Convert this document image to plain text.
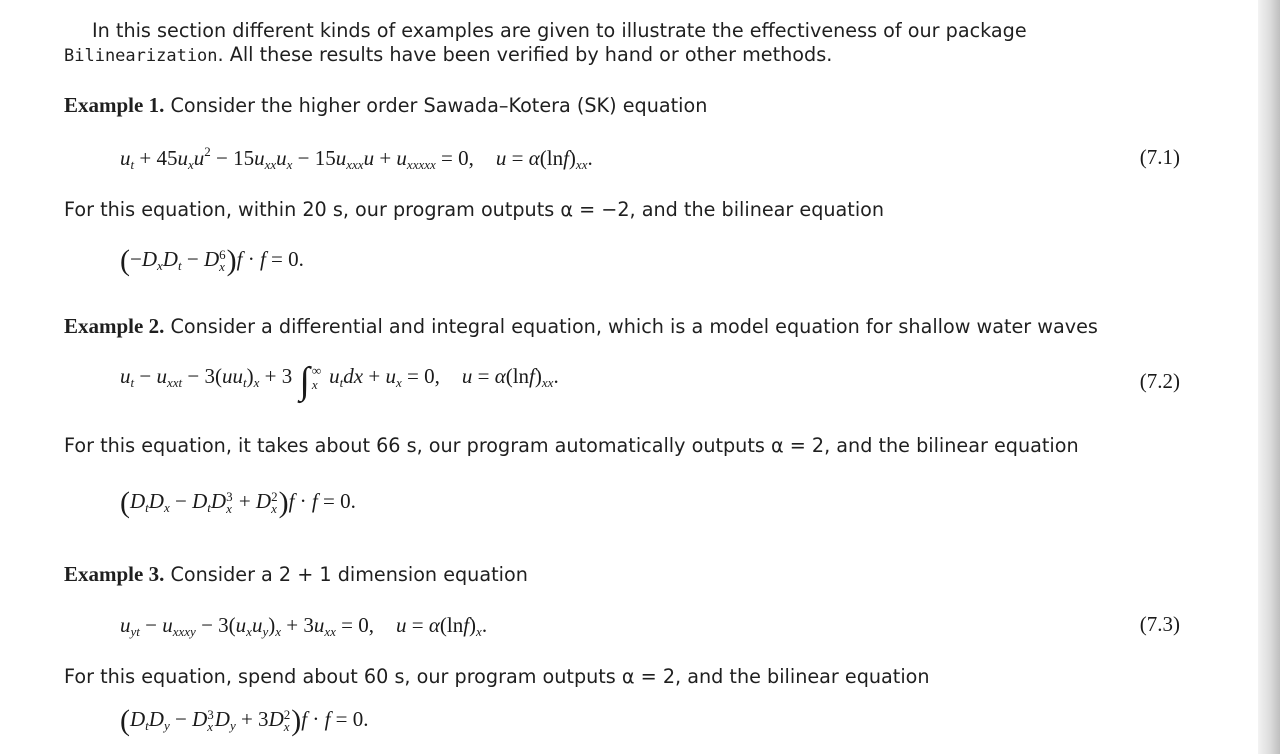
In this section different kinds of examples are given to illustrate the effectiveness of our package Bilinearization. All these results have been verified by hand or other methods.
Example 1. Consider the higher order Sawada–Kotera (SK) equation
$u_t + 45u_xu^2 - 15u_{xx}u_x - 15u_{xxx}u + u_{xxxxx} = 0$, $u = \alpha(\ln f)_{xx}$.	(7.1)
For this equation, within 20 s, our program outputs α = −2, and the bilinear equation
($-D_xD_t - D$ 6
x )f · f = 0.
Example 2. Consider a differential and integral equation, which is a model equation for shallow water waves
$u_t - u_{xxt} - 3(uu_t)_x + 3$ ∫ ∞
x $u_tdx + u_x = 0$, $u = \alpha(\ln f)_{xx}$.	(7.2)
For this equation, it takes about 66 s, our program automatically outputs α = 2, and the bilinear equation
($D_tD_x - D_tD$ 3
x + D 2
x )f · f = 0.
Example 3. Consider a 2 + 1 dimension equation
$u_{yt} - u_{xxxy} - 3(u_xu_y)_x + 3u_{xx} = 0$, $u = \alpha(\ln f)_x$.	(7.3)
For this equation, spend about 60 s, our program outputs α = 2, and the bilinear equation
($D_tD_y - D$ 3
x $D_y + 3D$ 2
x )f · f = 0.
